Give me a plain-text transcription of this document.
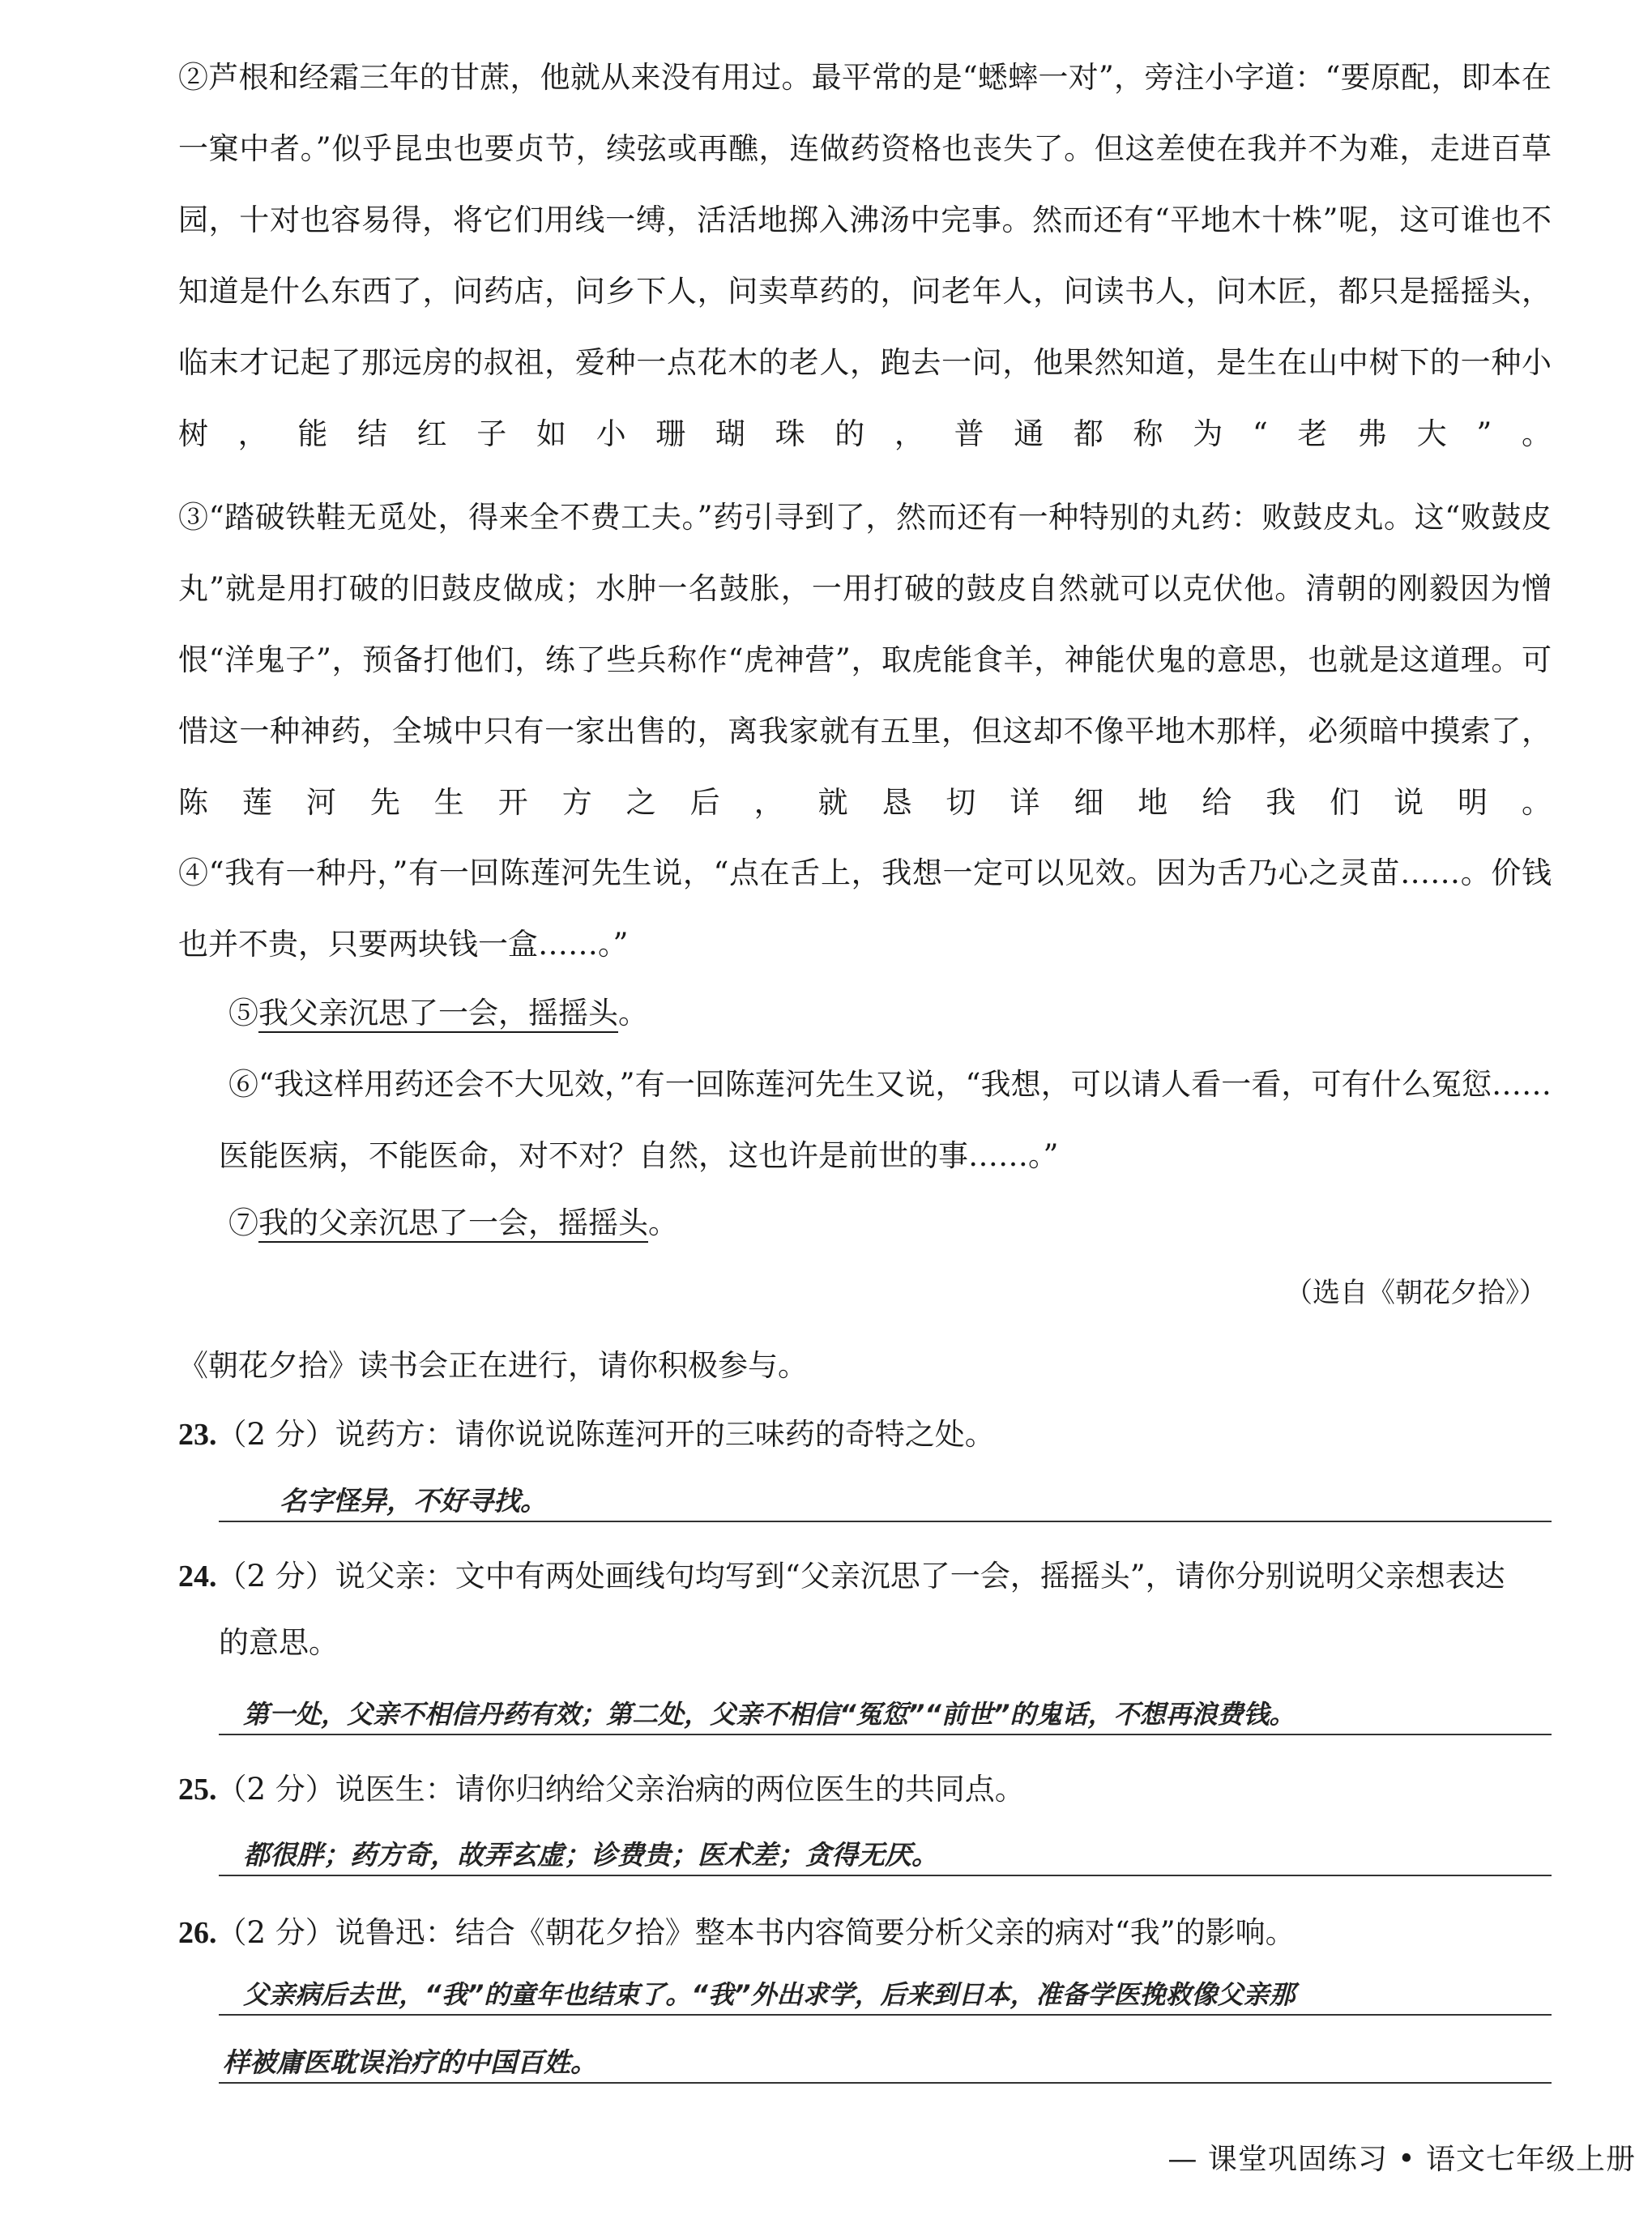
②芦根和经霜三年的甘蔗，他就从来没有用过。最平常的是“蟋蟀一对”，旁注小字道：“要原配，即本在一窠中者。”似乎昆虫也要贞节，续弦或再醮，连做药资格也丧失了。但这差使在我并不为难，走进百草园，十对也容易得，将它们用线一缚，活活地掷入沸汤中完事。然而还有“平地木十株”呢，这可谁也不知道是什么东西了，问药店，问乡下人，问卖草药的，问老年人，问读书人，问木匠，都只是摇摇头，临末才记起了那远房的叔祖，爱种一点花木的老人，跑去一问，他果然知道，是生在山中树下的一种小树，能结红子如小珊瑚珠的，普通都称为“老弗大”。

③“踏破铁鞋无觅处，得来全不费工夫。”药引寻到了，然而还有一种特别的丸药：败鼓皮丸。这“败鼓皮丸”就是用打破的旧鼓皮做成；水肿一名鼓胀，一用打破的鼓皮自然就可以克伏他。清朝的刚毅因为憎恨“洋鬼子”，预备打他们，练了些兵称作“虎神营”，取虎能食羊，神能伏鬼的意思，也就是这道理。可惜这一种神药，全城中只有一家出售的，离我家就有五里，但这却不像平地木那样，必须暗中摸索了，陈莲河先生开方之后，就恳切详细地给我们说明。

④“我有一种丹，”有一回陈莲河先生说，“点在舌上，我想一定可以见效。因为舌乃心之灵苗……。价钱也并不贵，只要两块钱一盒……。”

⑤我父亲沉思了一会，摇摇头。

⑥“我这样用药还会不大见效，”有一回陈莲河先生又说，“我想，可以请人看一看，可有什么冤愆……医能医病，不能医命，对不对？自然，这也许是前世的事……。”

⑦我的父亲沉思了一会，摇摇头。

（选自《朝花夕拾》）
《朝花夕拾》读书会正在进行，请你积极参与。
23.（2 分）说药方：请你说说陈莲河开的三味药的奇特之处。
名字怪异，不好寻找。
24.（2 分）说父亲：文中有两处画线句均写到“父亲沉思了一会，摇摇头”，请你分别说明父亲想表达
的意思。
第一处，父亲不相信丹药有效；第二处，父亲不相信“冤愆”“前世”的鬼话，不想再浪费钱。
25.（2 分）说医生：请你归纳给父亲治病的两位医生的共同点。
都很胖；药方奇，故弄玄虚；诊费贵；医术差；贪得无厌。
26.（2 分）说鲁迅：结合《朝花夕拾》整本书内容简要分析父亲的病对“我”的影响。
父亲病后去世，“我”的童年也结束了。“我”外出求学，后来到日本，准备学医挽救像父亲那
样被庸医耽误治疗的中国百姓。
— 课堂巩固练习 • 语文七年级上册
